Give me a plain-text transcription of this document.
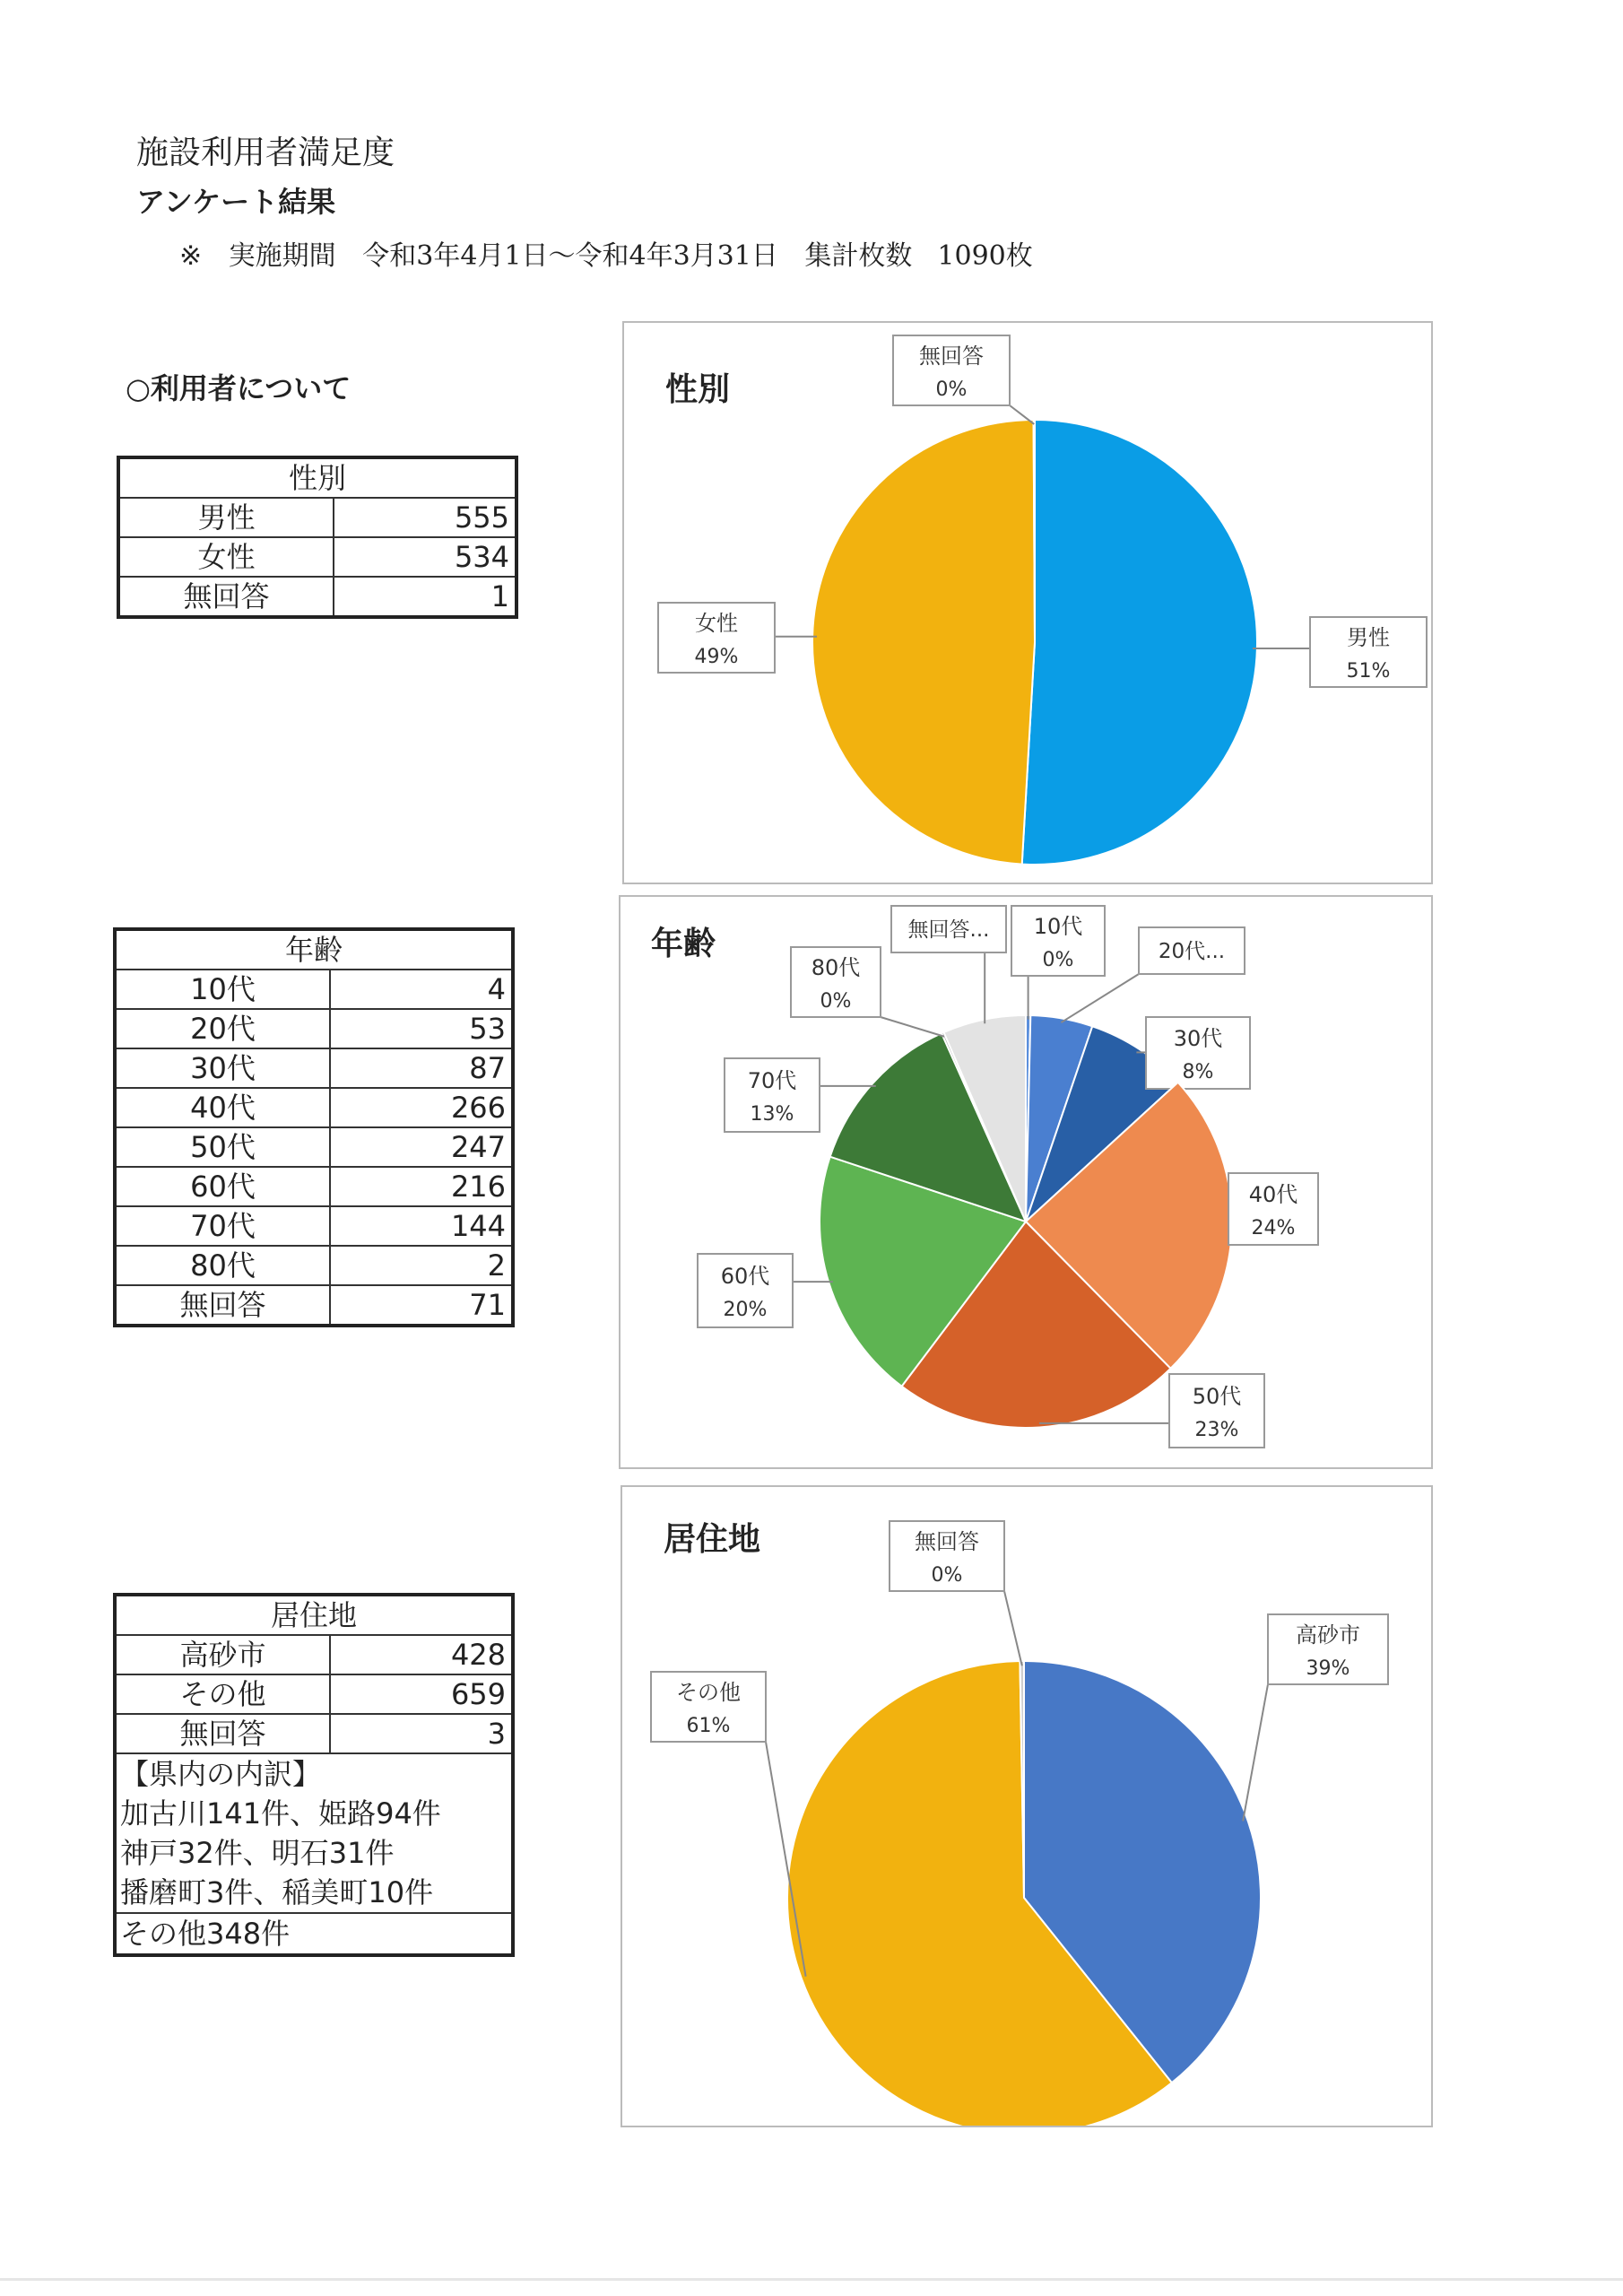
施設利用者満足度
アンケート結果
※ 実施期間 令和3年4月1日～令和4年3月31日 集計枚数 1090枚
○利用者について
性別	
男性	555
女性	534
無回答	1
年齢	
10代	4
20代	53
30代	87
40代	266
50代	247
60代	216
70代	144
80代	2
無回答	71
居住地	
高砂市	428
その他	659
無回答	3
【県内の内訳】	
加古川141件、姫路94件	
神戸32件、明石31件	
播磨町3件、稲美町10件	
その他348件	
性別
男性
51%
女性
49%
無回答
0%
年齢	10代
0%	20代...
30代
8%
40代
24%
50代
23%
60代
20%
70代
13%
80代
0%
無回答...
居住地
高砂市
39%
その他
61%
無回答
0%
